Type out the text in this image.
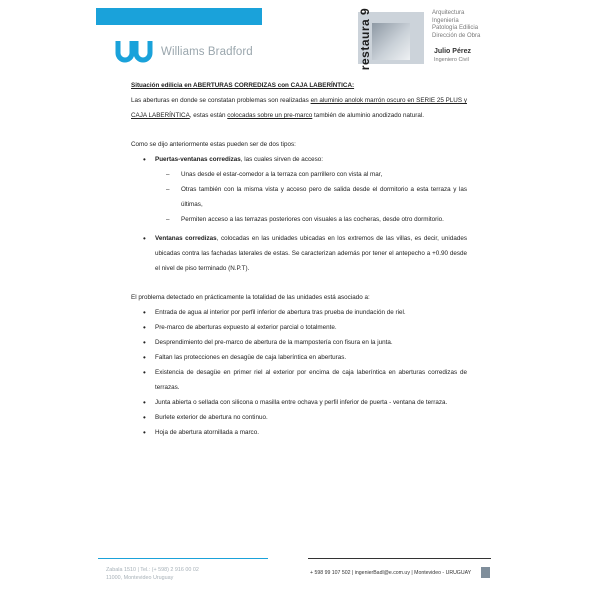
Williams Bradford	restaura 9	Arquitectura
Ingeniería
Patología Edilicia
Dirección de Obra
Julio Pérez
Ingeniero Civil

Situación edilicia en ABERTURAS CORREDIZAS con CAJA LABERÍNTICA:

Las aberturas en donde se constatan problemas son realizadas en aluminio anolok marrón oscuro en SERIE 25 PLUS y CAJA LABERÍNTICA, estas están colocadas sobre un pre-marco también de aluminio anodizado natural.

Como se dijo anteriormente estas pueden ser de dos tipos:

• Puertas-ventanas corredizas, las cuales sirven de acceso:
– Unas desde el estar-comedor a la terraza con parrillero con vista al mar,
– Otras también con la misma vista y acceso pero de salida desde el dormitorio a esta terraza y las últimas,
– Permiten acceso a las terrazas posteriores con visuales a las cocheras, desde otro dormitorio.
• Ventanas corredizas, colocadas en las unidades ubicadas en los extremos de las villas, es decir, unidades ubicadas contra las fachadas laterales de estas. Se caracterizan además por tener el antepecho a +0.90 desde el nivel de piso terminado (N.P.T).

El problema detectado en prácticamente la totalidad de las unidades está asociado a:

• Entrada de agua al interior por perfil inferior de abertura tras prueba de inundación de riel.
• Pre-marco de aberturas expuesto al exterior parcial o totalmente.
• Desprendimiento del pre-marco de abertura de la mampostería con fisura en la junta.
• Faltan las protecciones en desagüe de caja laberíntica en aberturas.
• Existencia de desagüe en primer riel al exterior por encima de caja laberíntica en aberturas corredizas de terrazas.
• Junta abierta o sellada con silicona o masilla entre ochava y perfil inferior de puerta - ventana de terraza.
• Burlete exterior de abertura no continuo.
• Hoja de abertura atornillada a marco.
Zabala 1510 | Tel.: (+ 598) 2 916 00 02
11000, Montevideo Uruguay
+ 598 99 107 502 | ingenierBadl@e.com.uy | Montevideo - URUGUAY
